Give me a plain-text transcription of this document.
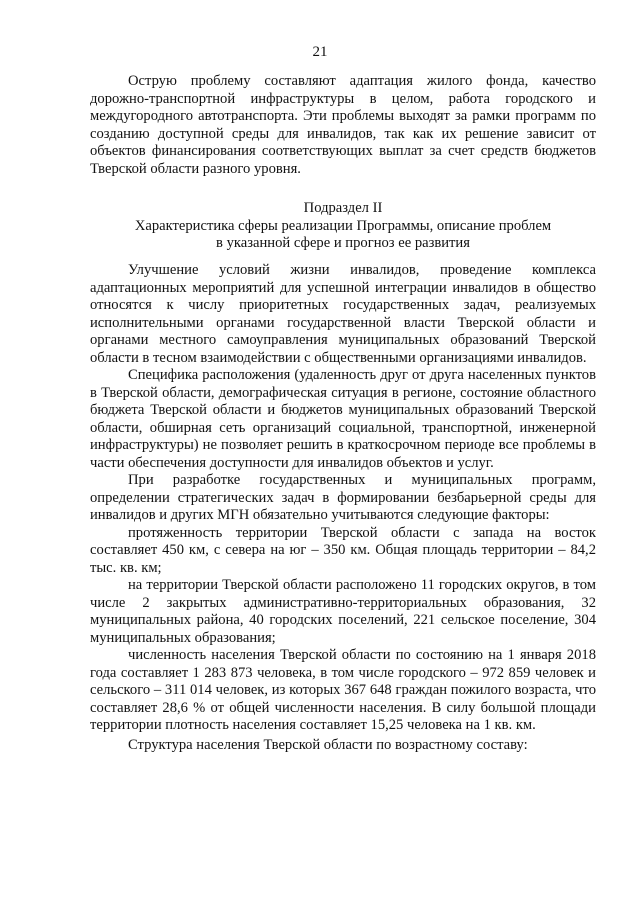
21

Острую проблему составляют адаптация жилого фонда, качество дорожно-транспортной инфраструктуры в целом, работа городского и междугородного автотранспорта. Эти проблемы выходят за рамки программ по созданию доступной среды для инвалидов, так как их решение зависит от объектов финансирования соответствующих выплат за счет средств бюджетов Тверской области разного уровня.

Подраздел II
Характеристика сферы реализации Программы, описание проблем
в указанной сфере и прогноз ее развития

Улучшение условий жизни инвалидов, проведение комплекса адаптационных мероприятий для успешной интеграции инвалидов в общество относятся к числу приоритетных государственных задач, реализуемых исполнительными органами государственной власти Тверской области и органами местного самоуправления муниципальных образований Тверской области в тесном взаимодействии с общественными организациями инвалидов.

Специфика расположения (удаленность друг от друга населенных пунктов в Тверской области, демографическая ситуация в регионе, состояние областного бюджета Тверской области и бюджетов муниципальных образований Тверской области, обширная сеть организаций социальной, транспортной, инженерной инфраструктуры) не позволяет решить в краткосрочном периоде все проблемы в части обеспечения доступности для инвалидов объектов и услуг.

При разработке государственных и муниципальных программ, определении стратегических задач в формировании безбарьерной среды для инвалидов и других МГН обязательно учитываются следующие факторы:

протяженность территории Тверской области с запада на восток составляет 450 км, с севера на юг – 350 км. Общая площадь территории – 84,2 тыс. кв. км;

на территории Тверской области расположено 11 городских округов, в том числе 2 закрытых административно-территориальных образования, 32 муниципальных района, 40 городских поселений, 221 сельское поселение, 304 муниципальных образования;

численность населения Тверской области по состоянию на 1 января 2018 года составляет 1 283 873 человека, в том числе городского – 972 859 человек и сельского – 311 014 человек, из которых 367 648 граждан пожилого возраста, что составляет 28,6 % от общей численности населения. В силу большой площади территории плотность населения составляет 15,25 человека на 1 кв. км.

Структура населения Тверской области по возрастному составу:
